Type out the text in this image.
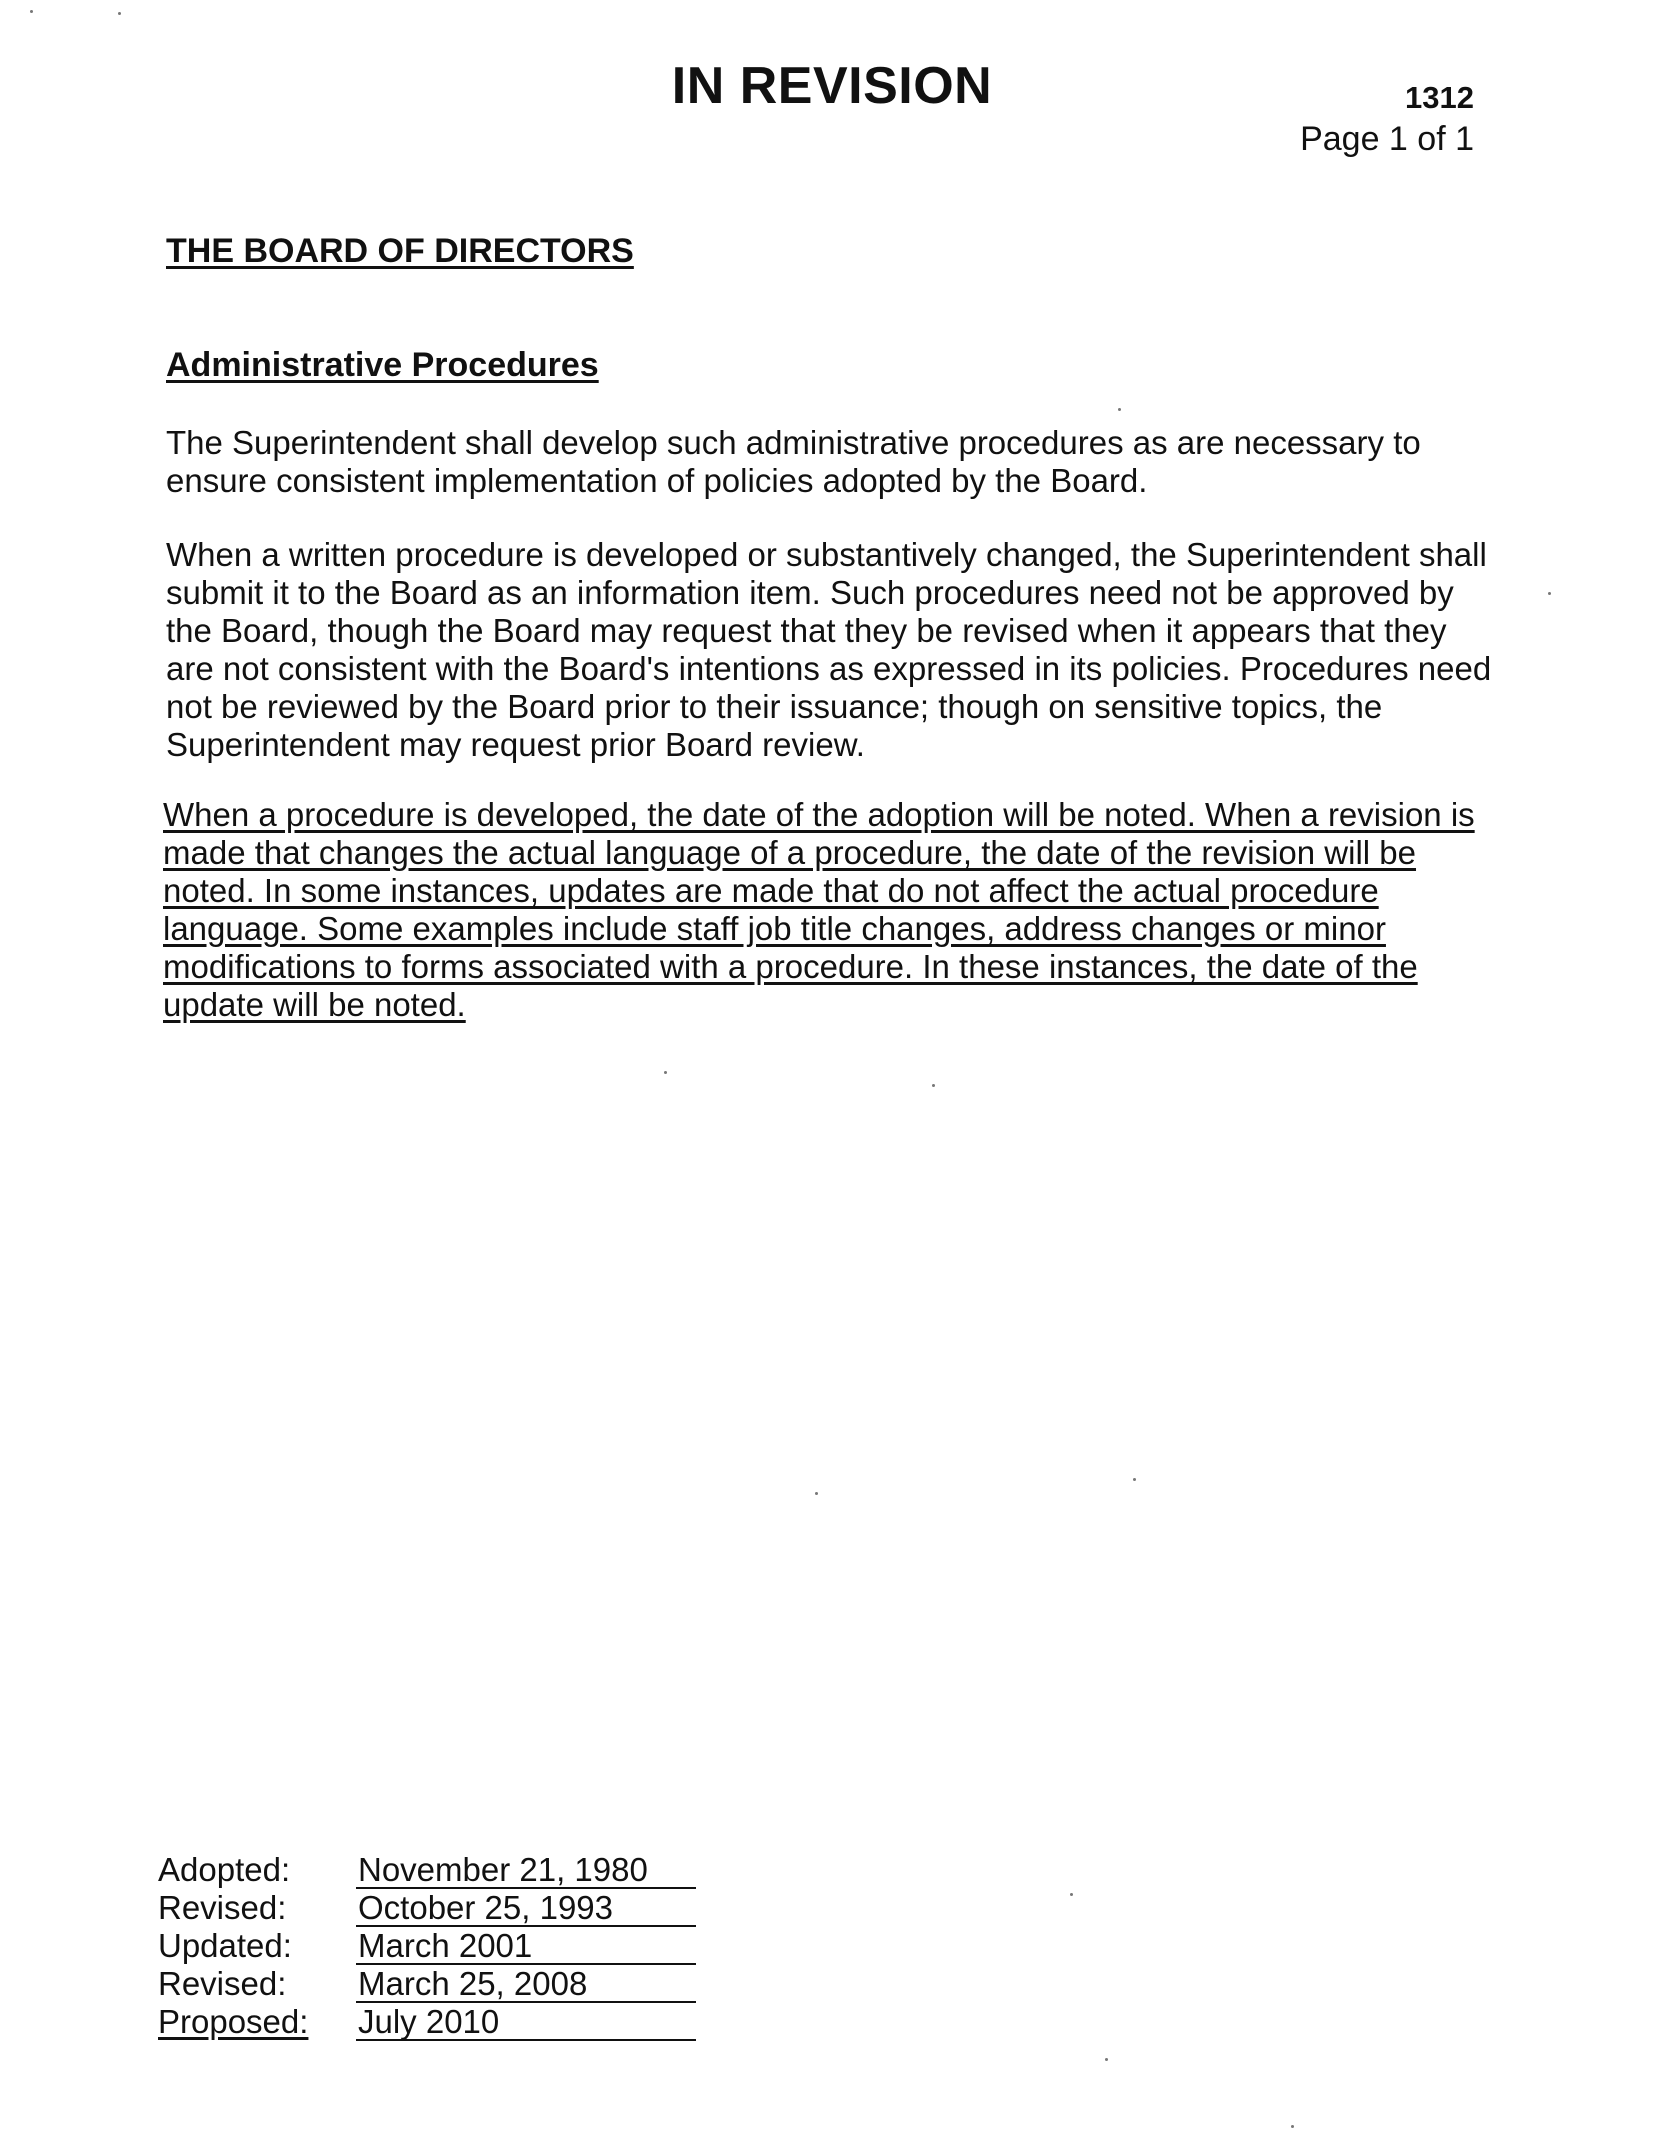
IN REVISION	1312
Page 1 of 1
THE BOARD OF DIRECTORS
Administrative Procedures

The Superintendent shall develop such administrative procedures as are necessary to ensure consistent implementation of policies adopted by the Board.

When a written procedure is developed or substantively changed, the Superintendent shall submit it to the Board as an information item. Such procedures need not be approved by the Board, though the Board may request that they be revised when it appears that they are not consistent with the Board's intentions as expressed in its policies. Procedures need not be reviewed by the Board prior to their issuance; though on sensitive topics, the Superintendent may request prior Board review.

When a procedure is developed, the date of the adoption will be noted. When a revision is made that changes the actual language of a procedure, the date of the revision will be noted. In some instances, updates are made that do not affect the actual procedure language. Some examples include staff job title changes, address changes or minor modifications to forms associated with a procedure. In these instances, the date of the update will be noted.

Adopted:	November 21, 1980
Revised:	October 25, 1993
Updated:	March 2001
Revised:	March 25, 2008
Proposed:	July 2010
